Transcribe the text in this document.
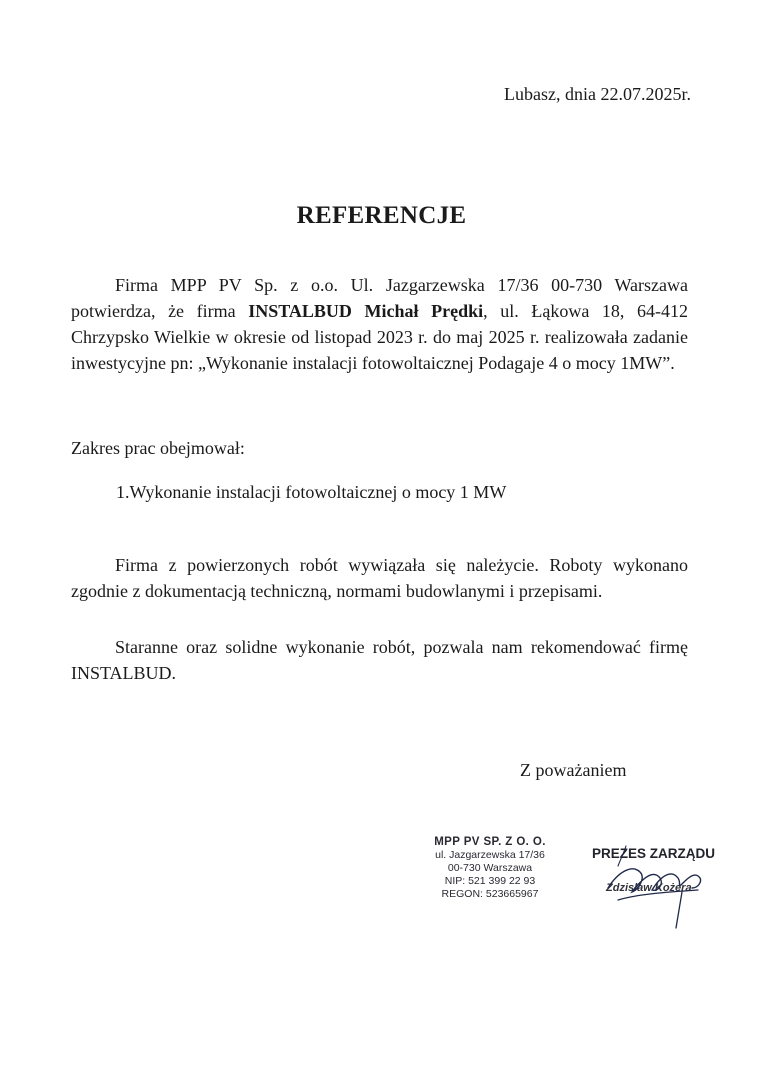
Lubasz, dnia 22.07.2025r.
REFERENCJE
Firma MPP PV Sp. z o.o. Ul. Jazgarzewska 17/36 00-730 Warszawa potwierdza, że firma INSTALBUD Michał Prędki, ul. Łąkowa 18, 64-412 Chrzypsko Wielkie w okresie od listopad 2023 r. do maj 2025 r. realizowała zadanie inwestycyjne pn: „Wykonanie instalacji fotowoltaicznej Podagaje 4 o mocy 1MW”.
Zakres prac obejmował:
1.Wykonanie instalacji fotowoltaicznej o mocy 1 MW
Firma z powierzonych robót wywiązała się należycie. Roboty wykonano zgodnie z dokumentacją techniczną, normami budowlanymi i przepisami.
Staranne oraz solidne wykonanie robót, pozwala nam rekomendować firmę INSTALBUD.
Z poważaniem
MPP PV SP. Z O. O.
ul. Jazgarzewska 17/36
00-730 Warszawa
NIP: 521 399 22 93
REGON: 523665967
PREZES ZARZĄDU
Zdzisław Kożera
